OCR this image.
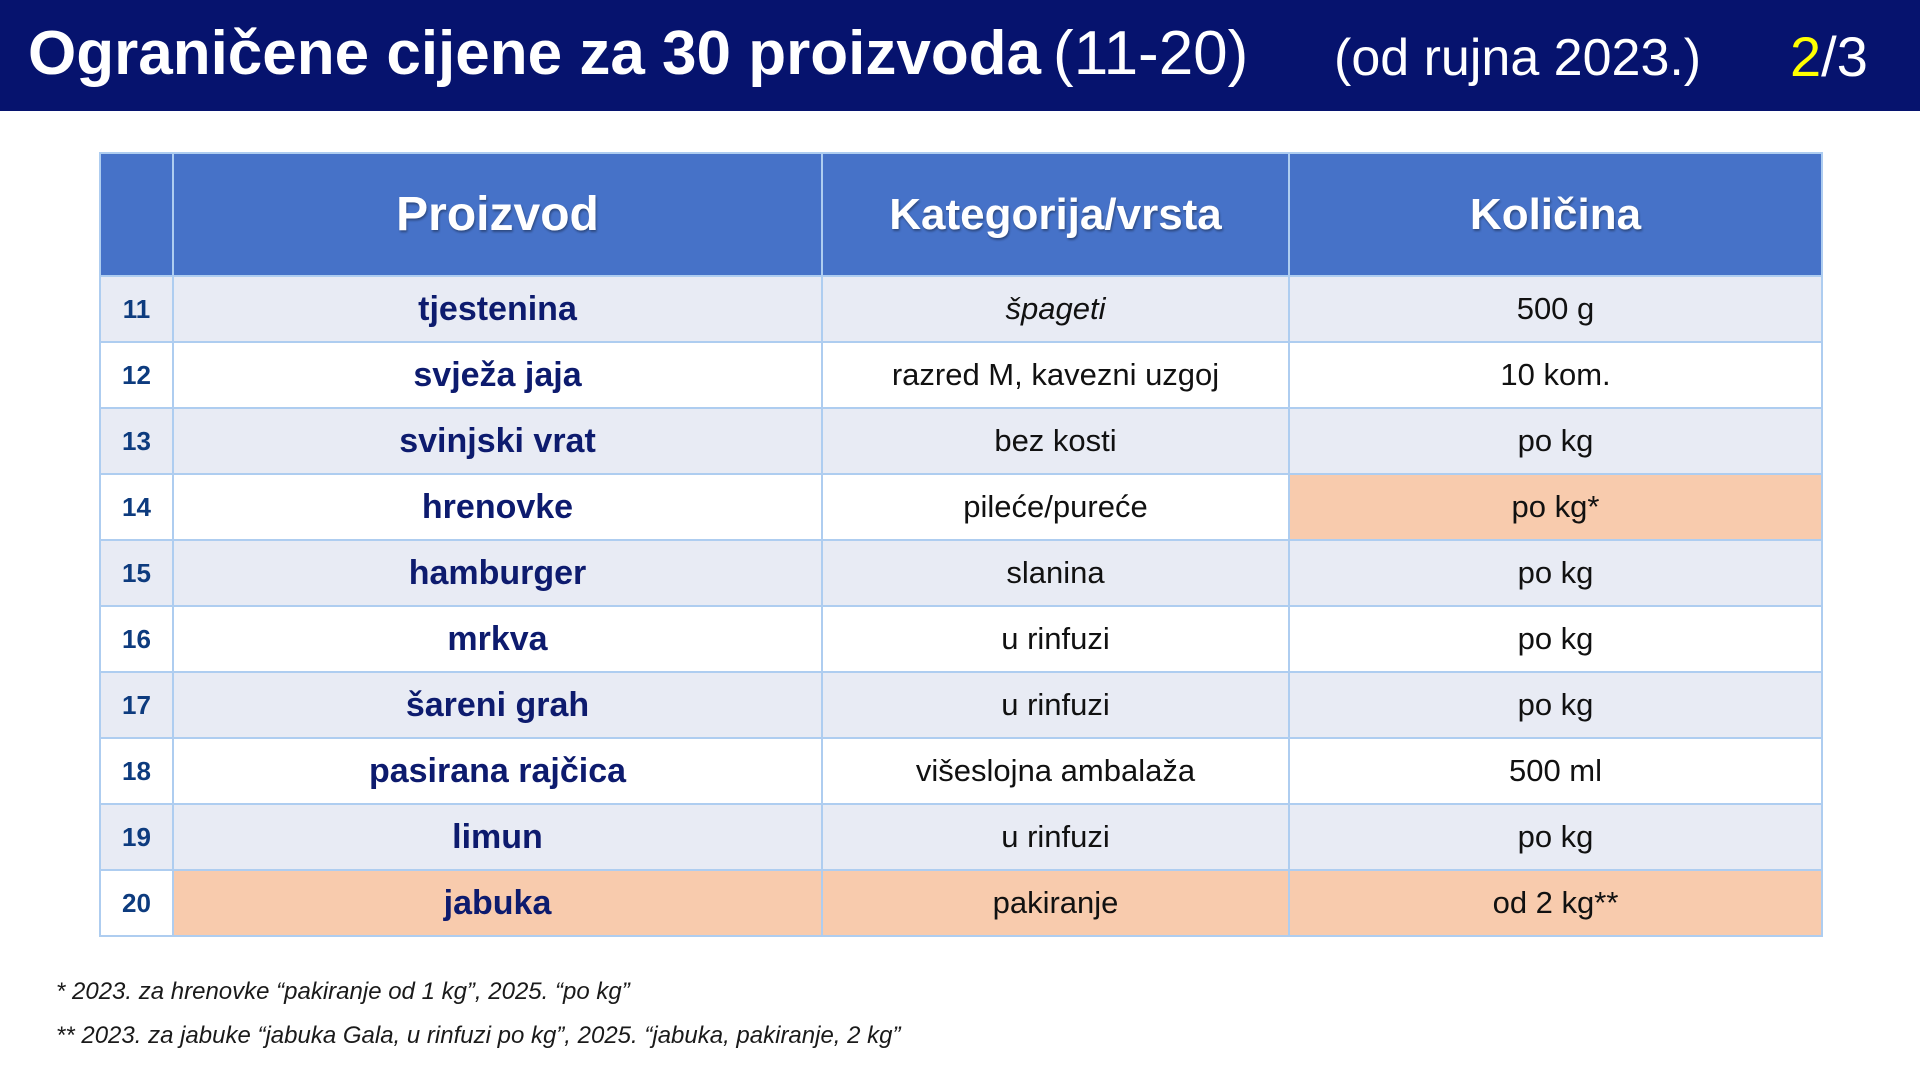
Ograničene cijene za 30 proizvoda (11-20) (od rujna 2023.) 2/3
	Proizvod	Kategorija/vrsta	Količina
11	tjestenina	špageti	500 g
12	svježa jaja	razred M, kavezni uzgoj	10 kom.
13	svinjski vrat	bez kosti	po kg
14	hrenovke	pileće/pureće	po kg*
15	hamburger	slanina	po kg
16	mrkva	u rinfuzi	po kg
17	šareni grah	u rinfuzi	po kg
18	pasirana rajčica	višeslojna ambalaža	500 ml
19	limun	u rinfuzi	po kg
20	jabuka	pakiranje	od 2 kg**
* 2023. za hrenovke “pakiranje od 1 kg”, 2025. “po kg”
** 2023. za jabuke “jabuka Gala, u rinfuzi po kg”, 2025. “jabuka, pakiranje, 2 kg”
